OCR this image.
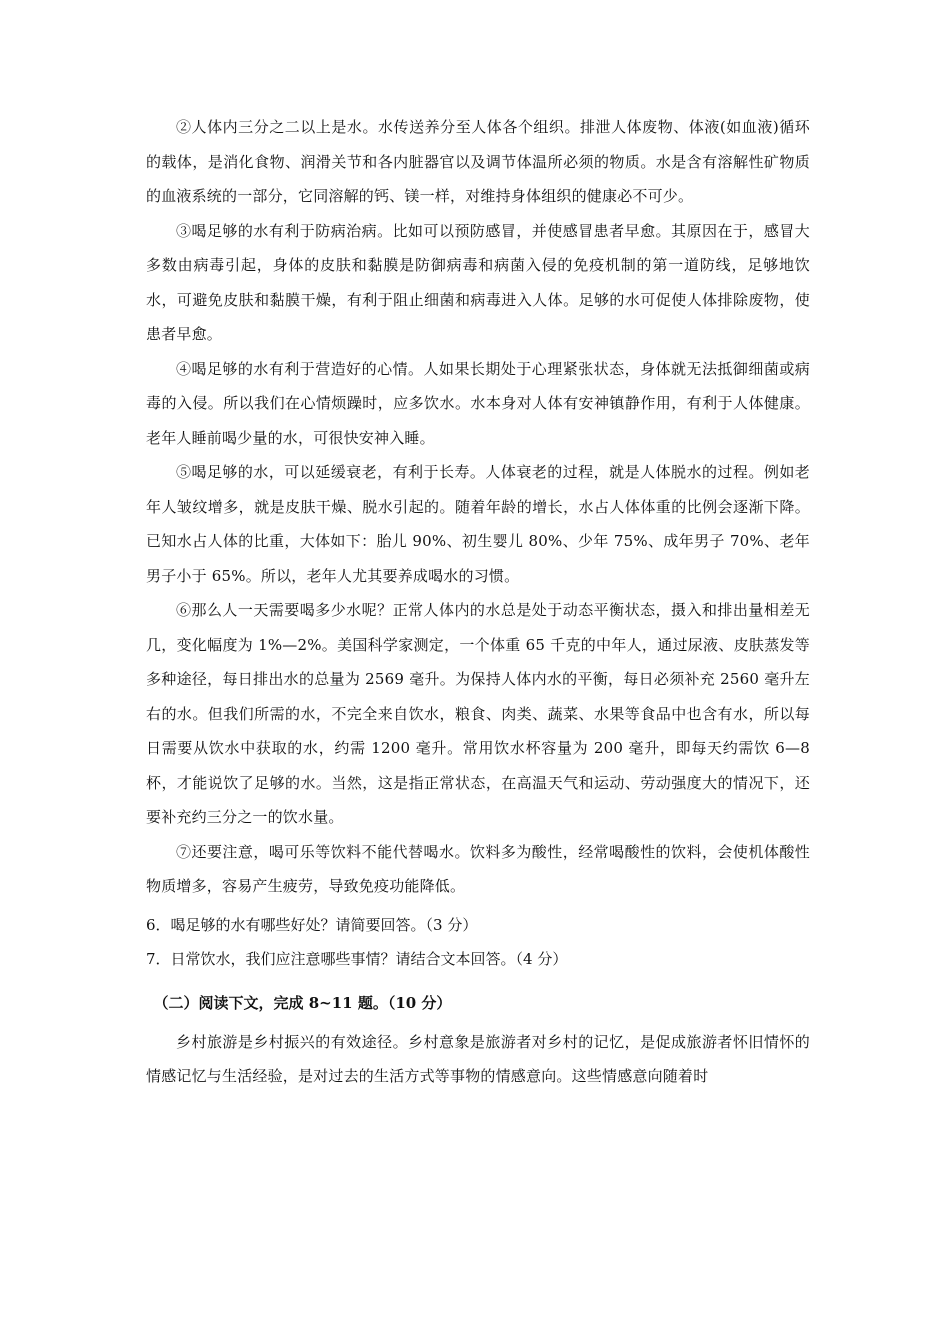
②人体内三分之二以上是水。水传送养分至人体各个组织。排泄人体废物、体液(如血液)循环的载体，是消化食物、润滑关节和各内脏器官以及调节体温所必须的物质。水是含有溶解性矿物质的血液系统的一部分，它同溶解的钙、镁一样，对维持身体组织的健康必不可少。

③喝足够的水有利于防病治病。比如可以预防感冒，并使感冒患者早愈。其原因在于，感冒大多数由病毒引起，身体的皮肤和黏膜是防御病毒和病菌入侵的免疫机制的第一道防线，足够地饮水，可避免皮肤和黏膜干燥，有利于阻止细菌和病毒进入人体。足够的水可促使人体排除废物，使患者早愈。

④喝足够的水有利于营造好的心情。人如果长期处于心理紧张状态，身体就无法抵御细菌或病毒的入侵。所以我们在心情烦躁时，应多饮水。水本身对人体有安神镇静作用，有利于人体健康。老年人睡前喝少量的水，可很快安神入睡。

⑤喝足够的水，可以延缓衰老，有利于长寿。人体衰老的过程，就是人体脱水的过程。例如老年人皱纹增多，就是皮肤干燥、脱水引起的。随着年龄的增长，水占人体体重的比例会逐渐下降。已知水占人体的比重，大体如下：胎儿 90%、初生婴儿 80%、少年 75%、成年男子 70%、老年男子小于 65%。所以，老年人尤其要养成喝水的习惯。

⑥那么人一天需要喝多少水呢？正常人体内的水总是处于动态平衡状态，摄入和排出量相差无几，变化幅度为 1%—2%。美国科学家测定，一个体重 65 千克的中年人，通过尿液、皮肤蒸发等多种途径，每日排出水的总量为 2569 毫升。为保持人体内水的平衡，每日必须补充 2560 毫升左右的水。但我们所需的水，不完全来自饮水，粮食、肉类、蔬菜、水果等食品中也含有水，所以每日需要从饮水中获取的水，约需 1200 毫升。常用饮水杯容量为 200 毫升，即每天约需饮 6—8 杯，才能说饮了足够的水。当然，这是指正常状态，在高温天气和运动、劳动强度大的情况下，还要补充约三分之一的饮水量。

⑦还要注意，喝可乐等饮料不能代替喝水。饮料多为酸性，经常喝酸性的饮料，会使机体酸性物质增多，容易产生疲劳，导致免疫功能降低。

6．喝足够的水有哪些好处？请简要回答。（3 分）

7．日常饮水，我们应注意哪些事情？请结合文本回答。（4 分）

（二）阅读下文，完成 8~11 题。（10 分）

乡村旅游是乡村振兴的有效途径。乡村意象是旅游者对乡村的记忆，是促成旅游者怀旧情怀的情感记忆与生活经验，是对过去的生活方式等事物的情感意向。这些情感意向随着时
